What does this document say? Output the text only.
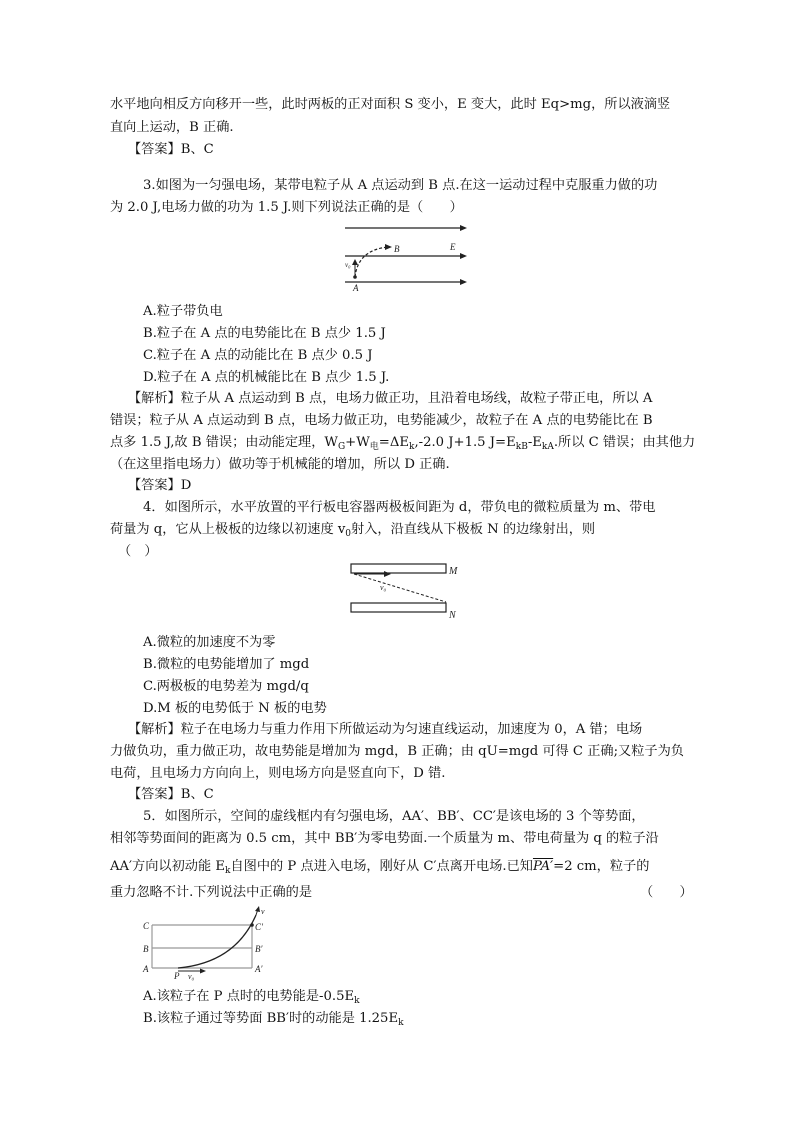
水平地向相反方向移开一些，此时两板的正对面积 S 变小，E 变大，此时 Eq>mg，所以液滴竖
直向上运动，B 正确.
【答案】B、C
3.如图为一匀强电场，某带电粒子从 A 点运动到 B 点.在这一运动过程中克服重力做的功
为 2.0 J,电场力做的功为 1.5 J.则下列说法正确的是（　　）
B	E
A
v₀
A.粒子带负电
B.粒子在 A 点的电势能比在 B 点少 1.5 J
C.粒子在 A 点的动能比在 B 点少 0.5 J
D.粒子在 A 点的机械能比在 B 点少 1.5 J.
【解析】粒子从 A 点运动到 B 点，电场力做正功，且沿着电场线，故粒子带正电，所以 A
错误；粒子从 A 点运动到 B 点，电场力做正功，电势能减少，故粒子在 A 点的电势能比在 B
点多 1.5 J,故 B 错误；由动能定理，$W_G+W_电=\Delta E_k,-2.0$ J+1.5 $J=E_{kB}-E_{kA}$.所以 C 错误；由其他力
（在这里指电场力）做功等于机械能的增加，所以 D 正确.
【答案】D
4．如图所示，水平放置的平行板电容器两极板间距为 d，带负电的微粒质量为 m、带电
荷量为 q，它从上极板的边缘以初速度 $v_0$射入，沿直线从下极板 N 的边缘射出，则
（　）
M
N
v₀
A.微粒的加速度不为零
B.微粒的电势能增加了 mgd
C.两极板的电势差为 mgd/q
D.M 板的电势低于 N 板的电势
【解析】粒子在电场力与重力作用下所做运动为匀速直线运动，加速度为 0，A 错；电场
力做负功，重力做正功，故电势能是增加为 mgd，B 正确；由 qU=mgd 可得 C 正确;又粒子为负
电荷，且电场力方向向上，则电场方向是竖直向下，D 错.
【答案】B、C
5．如图所示，空间的虚线框内有匀强电场，AA′、BB′、CC′是该电场的 3 个等势面，
相邻等势面间的距离为 0.5 cm，其中 BB′为零电势面.一个质量为 m、带电荷量为 q 的粒子沿
AA′方向以初动能 $E_k$自图中的 P 点进入电场，刚好从 C′点离开电场.已知PA′=2 cm，粒子的
重力忽略不计.下列说法中正确的是	（　　）
C
B
A
C′
B′
A′
P v₀
v
A.该粒子在 P 点时的电势能是$-0.5E_k$
B.该粒子通过等势面 BB′时的动能是 $1.25E_k$
